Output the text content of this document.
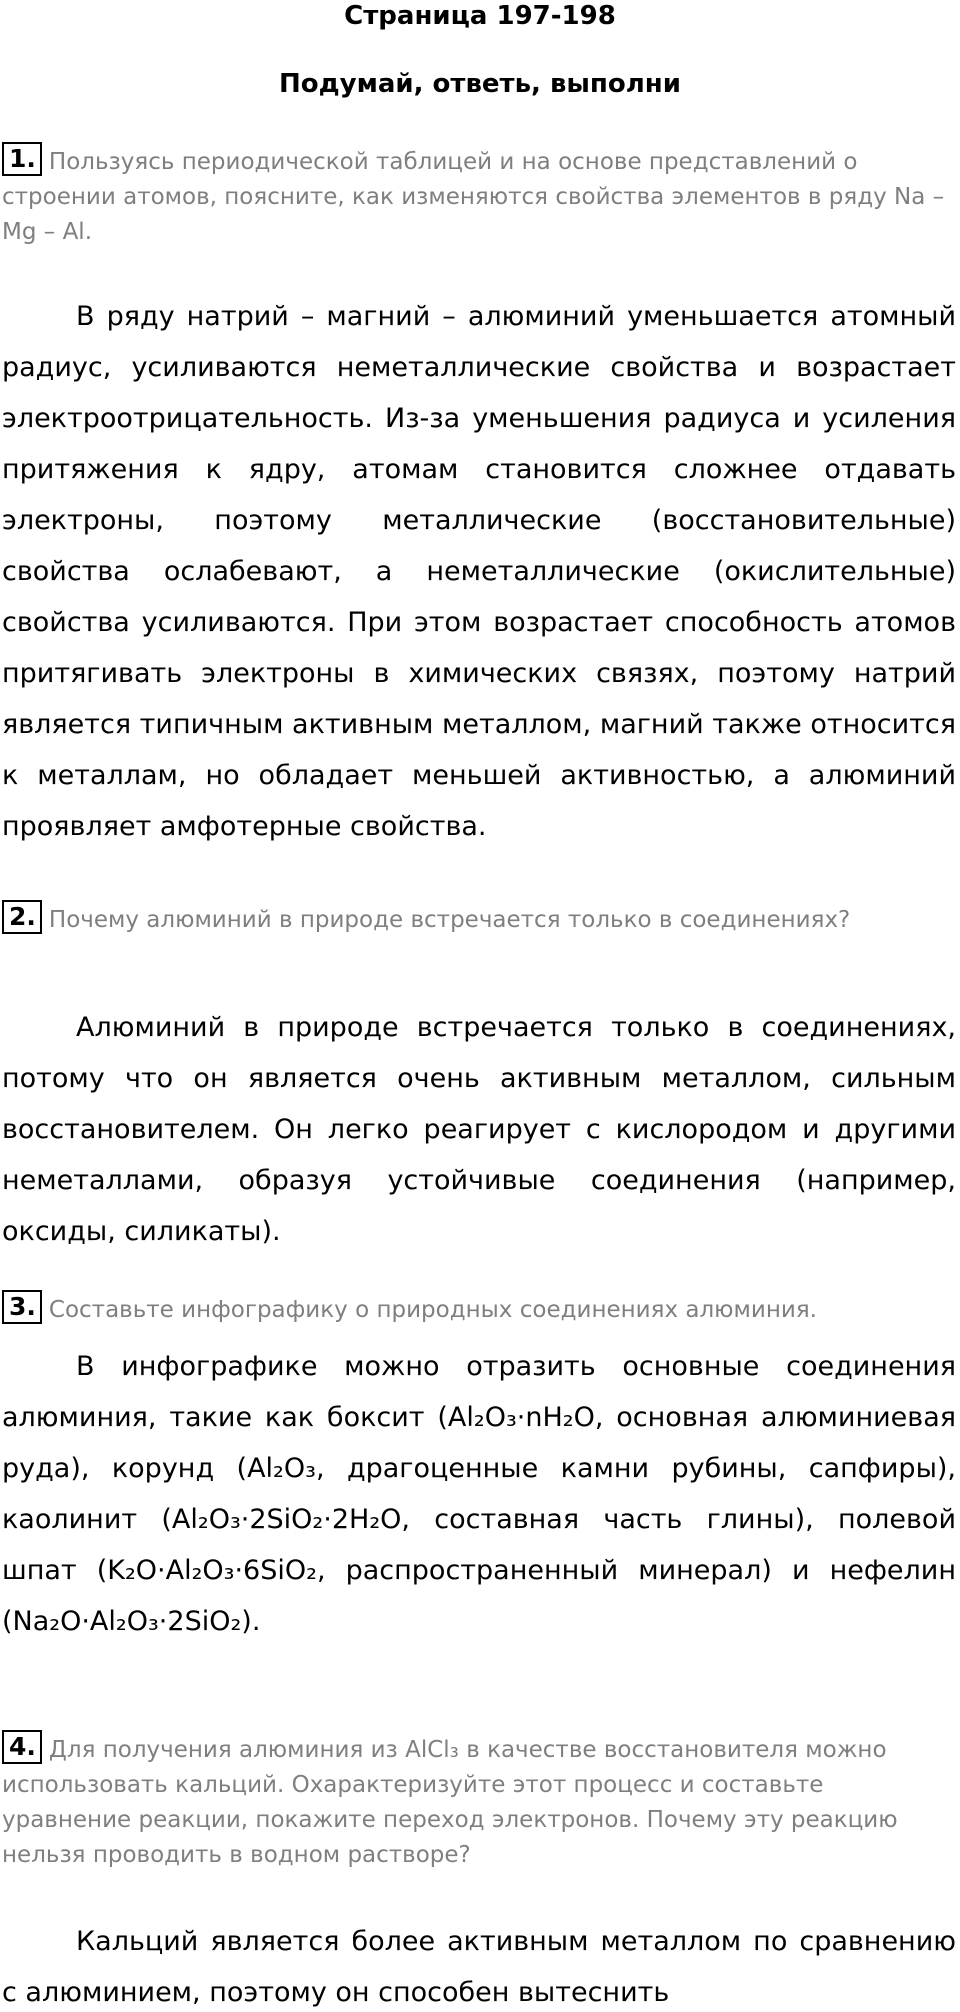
Страница 197-198
Подумай, ответь, выполни
1. Пользуясь периодической таблицей и на основе представлений о строении атомов, поясните, как изменяются свойства элементов в ряду Na – Mg – Al.
В ряду натрий – магний – алюминий уменьшается атомный радиус, усиливаются неметаллические свойства и возрастает электроотрицательность. Из-за уменьшения радиуса и усиления притяжения к ядру, атомам становится сложнее отдавать электроны, поэтому металлические (восстановительные) свойства ослабевают, а неметаллические (окислительные) свойства усиливаются. При этом возрастает способность атомов притягивать электроны в химических связях, поэтому натрий является типичным активным металлом, магний также относится к металлам, но обладает меньшей активностью, а алюминий проявляет амфотерные свойства.
2. Почему алюминий в природе встречается только в соединениях?
Алюминий в природе встречается только в соединениях, потому что он является очень активным металлом, сильным восстановителем. Он легко реагирует с кислородом и другими неметаллами, образуя устойчивые соединения (например, оксиды, силикаты).
3. Составьте инфографику о природных соединениях алюминия.
В инфографике можно отразить основные соединения алюминия, такие как боксит (Al₂O₃·nH₂O, основная алюминиевая руда), корунд (Al₂O₃, драгоценные камни рубины, сапфиры), каолинит (Al₂O₃·2SiO₂·2H₂O, составная часть глины), полевой шпат (K₂O·Al₂O₃·6SiO₂, распространенный минерал) и нефелин (Na₂O·Al₂O₃·2SiO₂).
4. Для получения алюминия из AlCl₃ в качестве восстановителя можно использовать кальций. Охарактеризуйте этот процесс и составьте уравнение реакции, покажите переход электронов. Почему эту реакцию нельзя проводить в водном растворе?
Кальций является более активным металлом по сравнению с алюминием, поэтому он способен вытеснить
